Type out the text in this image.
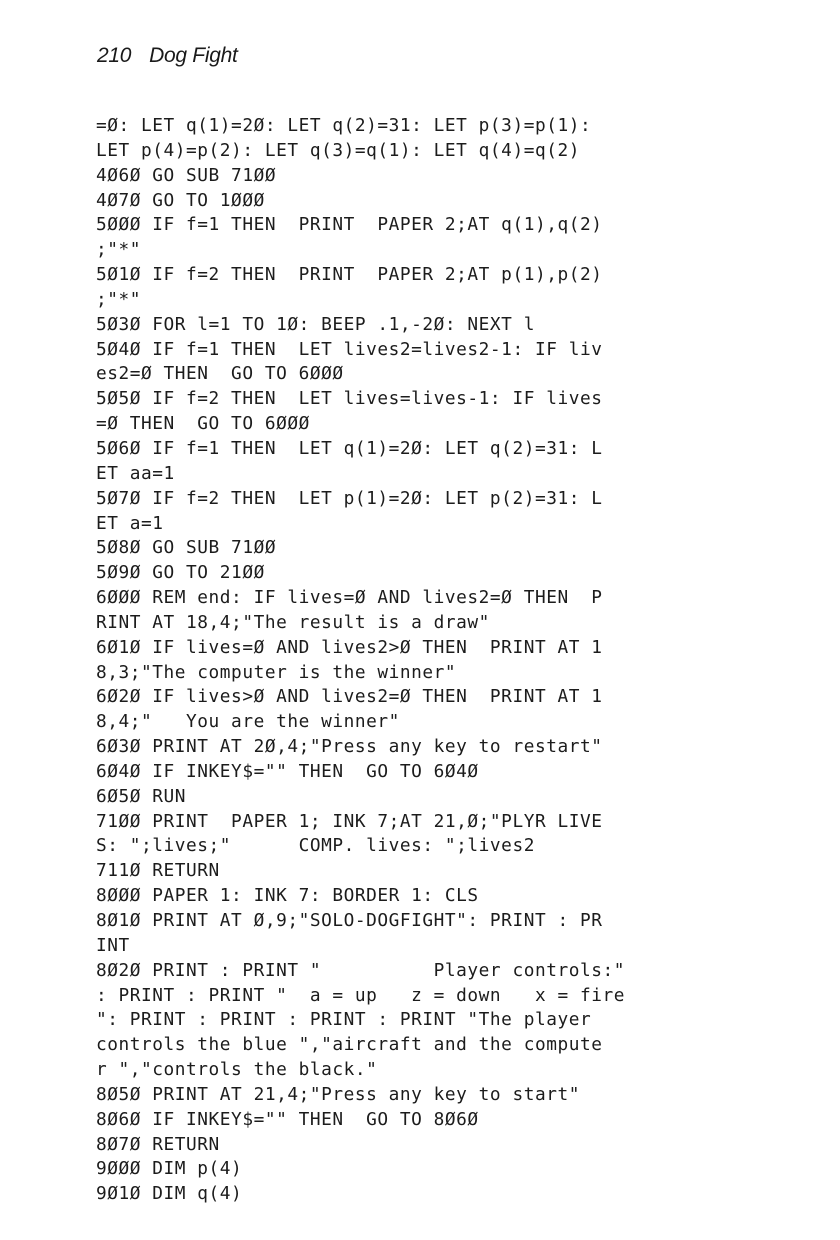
210 Dog Fight
=Ø: LET q(1)=2Ø: LET q(2)=31: LET p(3)=p(1):
LET p(4)=p(2): LET q(3)=q(1): LET q(4)=q(2)
4Ø6Ø GO SUB 71ØØ
4Ø7Ø GO TO 1ØØØ
5ØØØ IF f=1 THEN  PRINT  PAPER 2;AT q(1),q(2)
;"*"
5Ø1Ø IF f=2 THEN  PRINT  PAPER 2;AT p(1),p(2)
;"*"
5Ø3Ø FOR l=1 TO 1Ø: BEEP .1,-2Ø: NEXT l
5Ø4Ø IF f=1 THEN  LET lives2=lives2-1: IF liv
es2=Ø THEN  GO TO 6ØØØ
5Ø5Ø IF f=2 THEN  LET lives=lives-1: IF lives
=Ø THEN  GO TO 6ØØØ
5Ø6Ø IF f=1 THEN  LET q(1)=2Ø: LET q(2)=31: L
ET aa=1
5Ø7Ø IF f=2 THEN  LET p(1)=2Ø: LET p(2)=31: L
ET a=1
5Ø8Ø GO SUB 71ØØ
5Ø9Ø GO TO 21ØØ
6ØØØ REM end: IF lives=Ø AND lives2=Ø THEN  P
RINT AT 18,4;"The result is a draw"
6Ø1Ø IF lives=Ø AND lives2>Ø THEN  PRINT AT 1
8,3;"The computer is the winner"
6Ø2Ø IF lives>Ø AND lives2=Ø THEN  PRINT AT 1
8,4;"   You are the winner"
6Ø3Ø PRINT AT 2Ø,4;"Press any key to restart"
6Ø4Ø IF INKEY$="" THEN  GO TO 6Ø4Ø
6Ø5Ø RUN
71ØØ PRINT  PAPER 1; INK 7;AT 21,Ø;"PLYR LIVE
S: ";lives;"      COMP. lives: ";lives2
711Ø RETURN
8ØØØ PAPER 1: INK 7: BORDER 1: CLS
8Ø1Ø PRINT AT Ø,9;"SOLO-DOGFIGHT": PRINT : PR
INT
8Ø2Ø PRINT : PRINT "          Player controls:"
: PRINT : PRINT "  a = up   z = down   x = fire
": PRINT : PRINT : PRINT : PRINT "The player
controls the blue ","aircraft and the compute
r ","controls the black."
8Ø5Ø PRINT AT 21,4;"Press any key to start"
8Ø6Ø IF INKEY$="" THEN  GO TO 8Ø6Ø
8Ø7Ø RETURN
9ØØØ DIM p(4)
9Ø1Ø DIM q(4)
